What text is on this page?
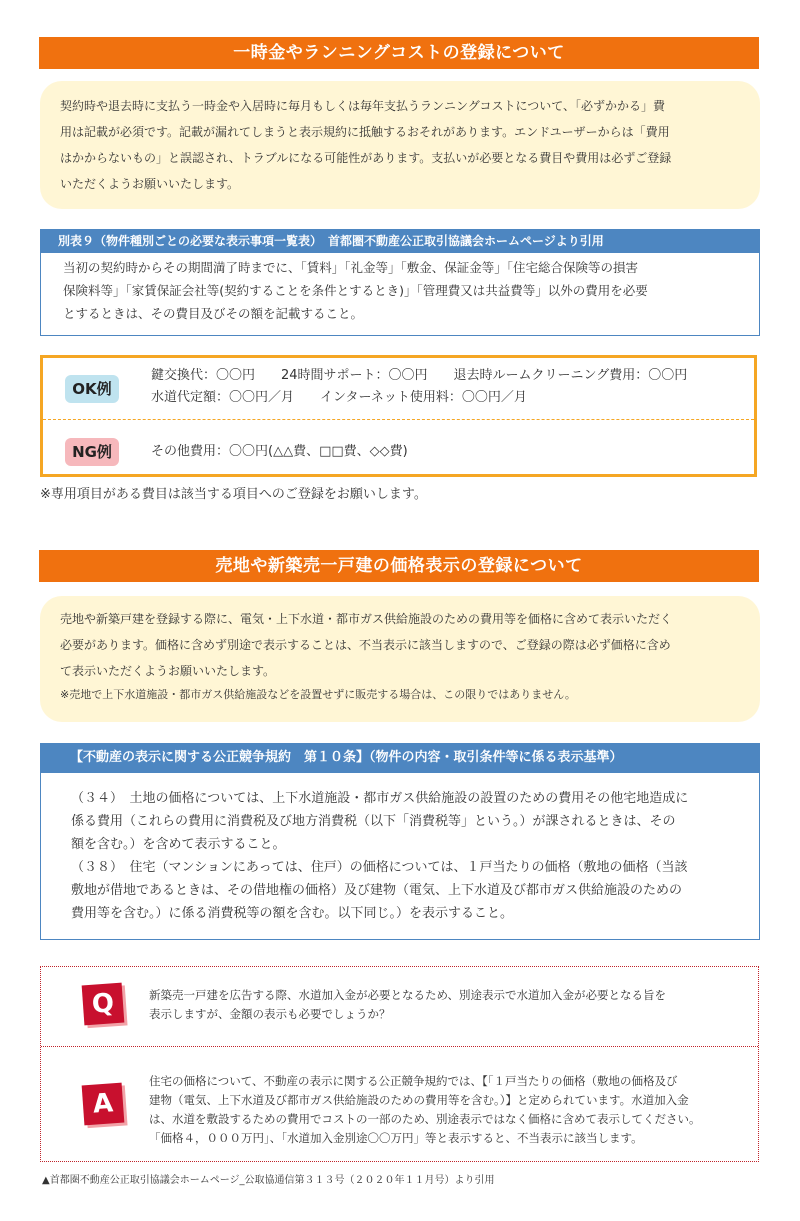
一時金やランニングコストの登録について
契約時や退去時に支払う一時金や入居時に毎月もしくは毎年支払うランニングコストについて、「必ずかかる」費
用は記載が必須です。記載が漏れてしまうと表示規約に抵触するおそれがあります。エンドユーザーからは「費用
はかからないもの」と誤認され、トラブルになる可能性があります。支払いが必要となる費目や費用は必ずご登録
いただくようお願いいたします。
別表９（物件種別ごとの必要な表示事項一覧表）　首都圏不動産公正取引協議会ホームページより引用
当初の契約時からその期間満了時までに、「賃料」「礼金等」「敷金、保証金等」「住宅総合保険等の損害
保険料等」「家賃保証会社等(契約することを条件とするとき)」「管理費又は共益費等」以外の費用を必要
とするときは、その費目及びその額を記載すること。
OK例
鍵交換代：〇〇円　　24時間サポート：〇〇円　　退去時ルームクリーニング費用：〇〇円
水道代定額：〇〇円／月　　インターネット使用料：〇〇円／月
NG例	その他費用：〇〇円(△△費、□□費、◇◇費)
※専用項目がある費目は該当する項目へのご登録をお願いします。
売地や新築売一戸建の価格表示の登録について
売地や新築戸建を登録する際に、電気・上下水道・都市ガス供給施設のための費用等を価格に含めて表示いただく
必要があります。価格に含めず別途で表示することは、不当表示に該当しますので、ご登録の際は必ず価格に含め
て表示いただくようお願いいたします。
※売地で上下水道施設・都市ガス供給施設などを設置せずに販売する場合は、この限りではありません。
【不動産の表示に関する公正競争規約　第１０条】（物件の内容・取引条件等に係る表示基準）
（３４）　土地の価格については、上下水道施設・都市ガス供給施設の設置のための費用その他宅地造成に
係る費用（これらの費用に消費税及び地方消費税（以下「消費税等」という。）が課されるときは、その
額を含む。）を含めて表示すること。
（３８）　住宅（マンションにあっては、住戸）の価格については、１戸当たりの価格（敷地の価格（当該
敷地が借地であるときは、その借地権の価格）及び建物（電気、上下水道及び都市ガス供給施設のための
費用等を含む。）に係る消費税等の額を含む。以下同じ。）を表示すること。
Q	新築売一戸建を広告する際、水道加入金が必要となるため、別途表示で水道加入金が必要となる旨を
表示しますが、金額の表示も必要でしょうか？
A
住宅の価格について、不動産の表示に関する公正競争規約では、【「１戸当たりの価格（敷地の価格及び
建物（電気、上下水道及び都市ガス供給施設のための費用等を含む。）】と定められています。水道加入金
は、水道を敷設するための費用でコストの一部のため、別途表示ではなく価格に含めて表示してください。
「価格４，０００万円」、「水道加入金別途〇〇万円」等と表示すると、不当表示に該当します。
▲首都圏不動産公正取引協議会ホームページ_公取協通信第３１３号（２０２０年１１月号）より引用
